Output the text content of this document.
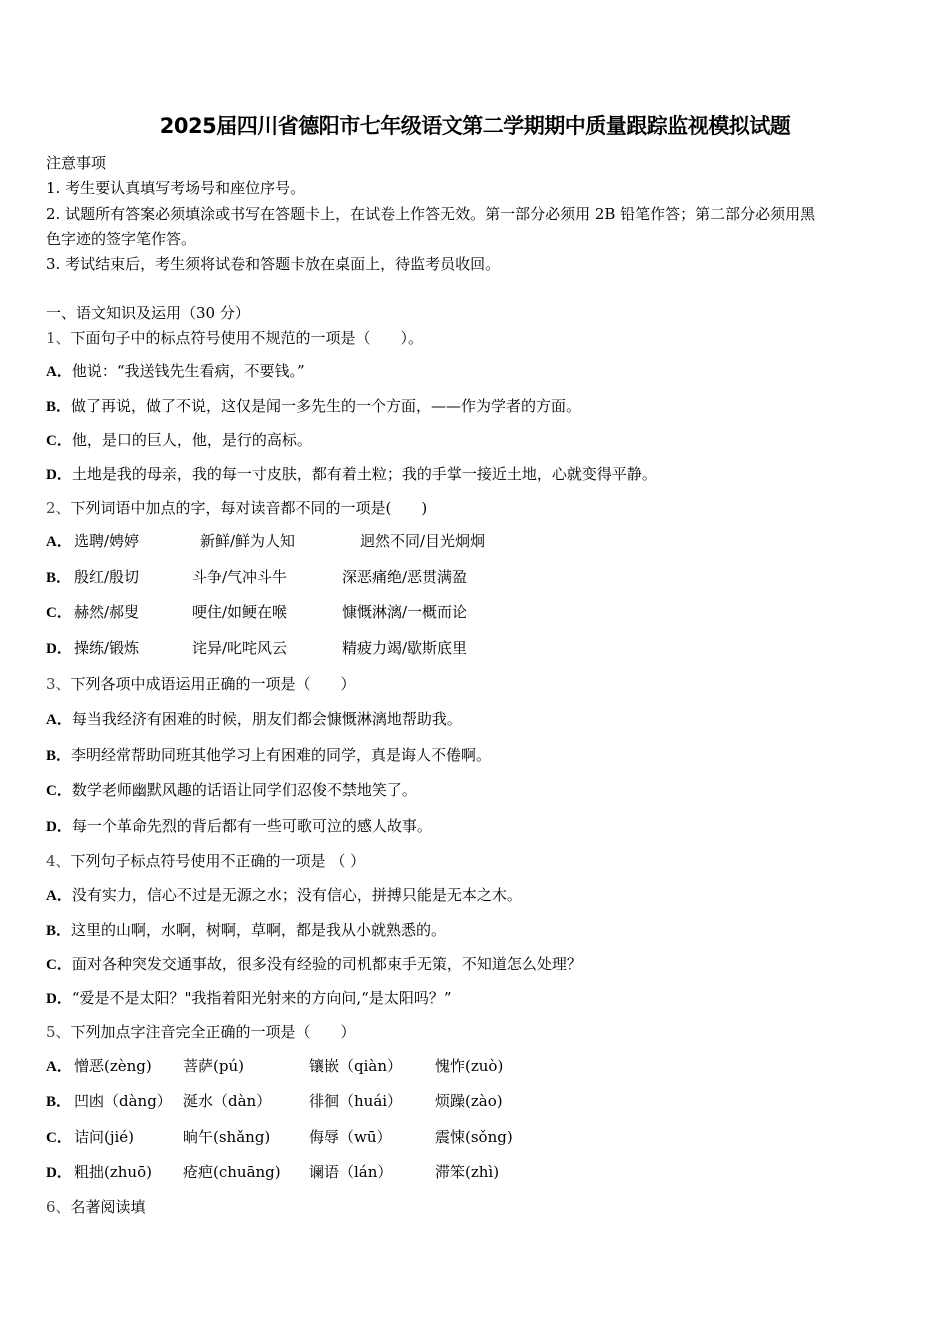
2025届四川省德阳市七年级语文第二学期期中质量跟踪监视模拟试题
注意事项
1. 考生要认真填写考场号和座位序号。
2. 试题所有答案必须填涂或书写在答题卡上，在试卷上作答无效。第一部分必须用 2B 铅笔作答；第二部分必须用黑
色字迹的签字笔作答。
3. 考试结束后，考生须将试卷和答题卡放在桌面上，待监考员收回。
一、语文知识及运用（30 分）
1、下面句子中的标点符号使用不规范的一项是（　　）。
A．他说：“我送钱先生看病，不要钱。”
B．做了再说，做了不说，这仅是闻一多先生的一个方面，——作为学者的方面。
C．他，是口的巨人，他，是行的高标。
D．土地是我的母亲，我的每一寸皮肤，都有着土粒；我的手掌一接近土地，心就变得平静。
2、下列词语中加点的字，每对读音都不同的一项是(　　)
A． 选聘/娉婷	新鲜/鲜为人知	迥然不同/目光炯炯
B． 殷红/殷切	斗争/气冲斗牛	深恶痛绝/恶贯满盈
C． 赫然/郝叟	哽住/如鲠在喉	慷慨淋漓/一概而论
D． 操练/锻炼	诧异/叱咤风云	精疲力竭/歇斯底里
3、下列各项中成语运用正确的一项是（　　）
A．每当我经济有困难的时候，朋友们都会慷慨淋漓地帮助我。
B．李明经常帮助同班其他学习上有困难的同学，真是诲人不倦啊。
C．数学老师幽默风趣的话语让同学们忍俊不禁地笑了。
D．每一个革命先烈的背后都有一些可歌可泣的感人故事。
4、下列句子标点符号使用不正确的一项是 （ ）
A．没有实力，信心不过是无源之水；没有信心，拼搏只能是无本之木。
B．这里的山啊，水啊，树啊，草啊，都是我从小就熟悉的。
C．面对各种突发交通事故，很多没有经验的司机都束手无策，不知道怎么处理？
D．“爱是不是太阳？"我指着阳光射来的方向问,“是太阳吗？”
5、下列加点字注音完全正确的一项是（　　）
A． 憎恶(zèng) 菩萨(pú)	镶嵌（qiàn） 愧怍(zuò)
B． 凹凼（dàng） 涎水（dàn）	徘徊（huái） 烦躁(zào)
C． 诘问(jié)	晌午(shǎng)	侮辱（wū）	震悚(sǒng)
D． 粗拙(zhuō) 疮疤(chuāng) 谰语（lán）	滞笨(zhì)
6、名著阅读填
